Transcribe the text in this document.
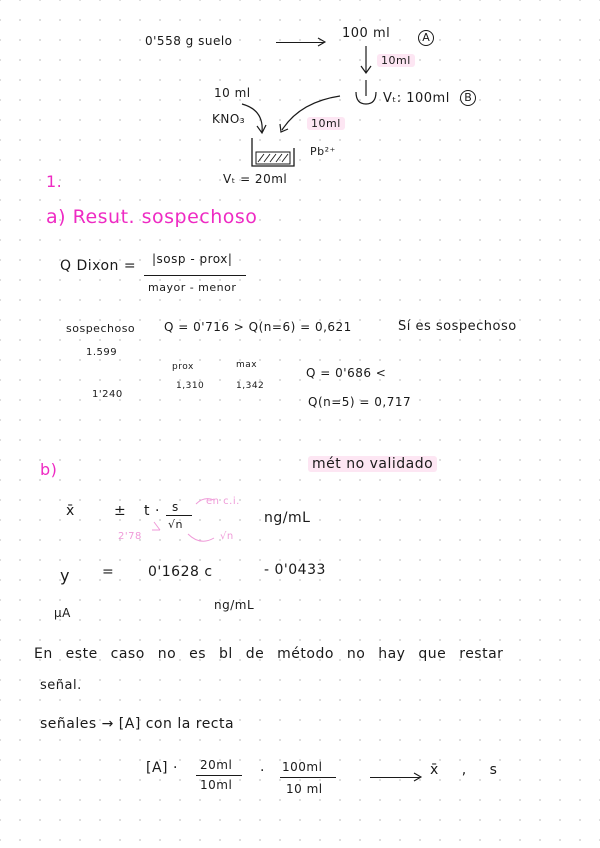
0'558 g suelo	100 ml	A
10ml
Vₜ: 100ml	B
10 ml
KNO₃	10ml
Pb²⁺
Vₜ = 20ml
1.
a) Resut. sospechoso
Q Dixon = |sosp - prox|
mayor - menor
sospechoso Q = 0'716 > Q(n=6) = 0,621	Sí es sospechoso
1.599
prox	max
1,310	1,342
1'240
Q = 0'686 <
Q(n=5) = 0,717
b)	mét no validado
x̄	± t · s
√n	ng/mL
en c.i.
2'78	√n
y = 0'1628 c	- 0'0433
µA
ng/mL
En este caso no es bl de método no hay que restar
señal.
señales → [A] con la recta
[A] · 20ml
10ml
· 100ml
10 ml
x̄ , s
